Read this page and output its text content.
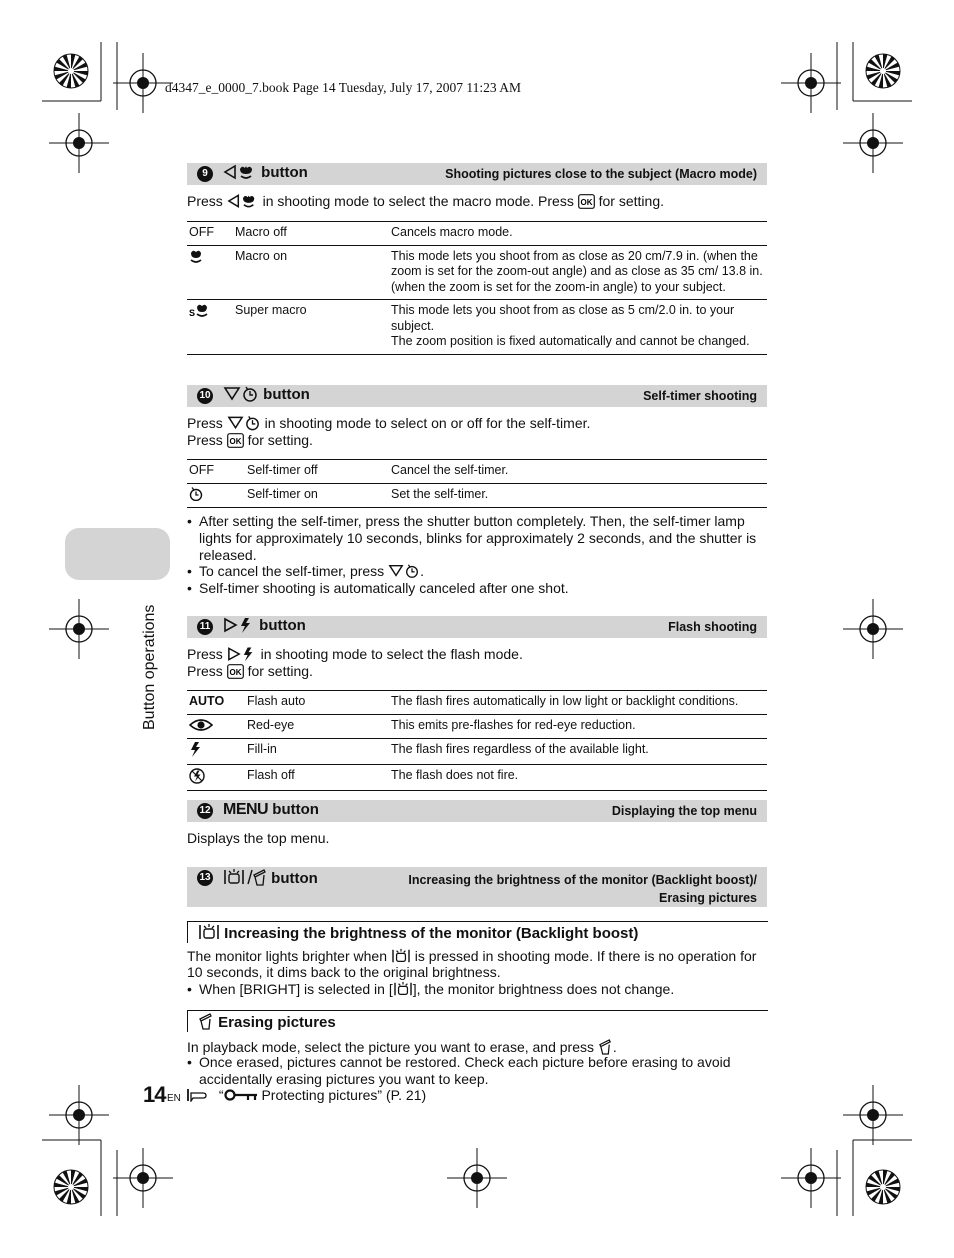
d4347_e_0000_7.book Page 14 Tuesday, July 17, 2007 11:23 AM
Button operations
9	button	Shooting pictures close to the subject (Macro mode)
Press  in shooting mode to select the macro mode. Press OK for setting.
OFF	Macro off	Cancels macro mode.
	Macro on	This mode lets you shoot from as close as 20 cm/7.9 in. (when the zoom is set for the zoom-out angle) and as close as 35 cm/ 13.8 in. (when the zoom is set for the zoom-in angle) to your subject.

S	Super macro	This mode lets you shoot from as close as 5 cm/2.0 in. to your subject.
The zoom position is fixed automatically and cannot be changed.
10	button	Self-timer shooting
Press  in shooting mode to select on or off for the self-timer.
Press OK for setting.
OFF	Self-timer off	Cancel the self-timer.
	Self-timer on	Set the self-timer.
• After setting the self-timer, press the shutter button completely. Then, the self-timer lamp lights for approximately 10 seconds, blinks for approximately 2 seconds, and the shutter is released.
• To cancel the self-timer, press .
• Self-timer shooting is automatically canceled after one shot.
11	button	Flash shooting
Press  in shooting mode to select the flash mode.
Press OK for setting.
AUTO	Flash auto	The flash fires automatically in low light or backlight conditions.
	Red-eye	This emits pre-flashes for red-eye reduction.
	Fill-in	The flash fires regardless of the available light.
	Flash off	The flash does not fire.
12 MENU button	Displaying the top menu
Displays the top menu.
13	button	Increasing the brightness of the monitor (Backlight boost)/
Erasing pictures
Increasing the brightness of the monitor (Backlight boost)
The monitor lights brighter when  is pressed in shooting mode. If there is no operation for
10 seconds, it dims back to the original brightness.
• When [BRIGHT] is selected in [ ], the monitor brightness does not change.
Erasing pictures
In playback mode, select the picture you want to erase, and press .
• Once erased, pictures cannot be restored. Check each picture before erasing to avoid accidentally erasing pictures you want to keep.
“ Protecting pictures” (P. 21)
14 EN
